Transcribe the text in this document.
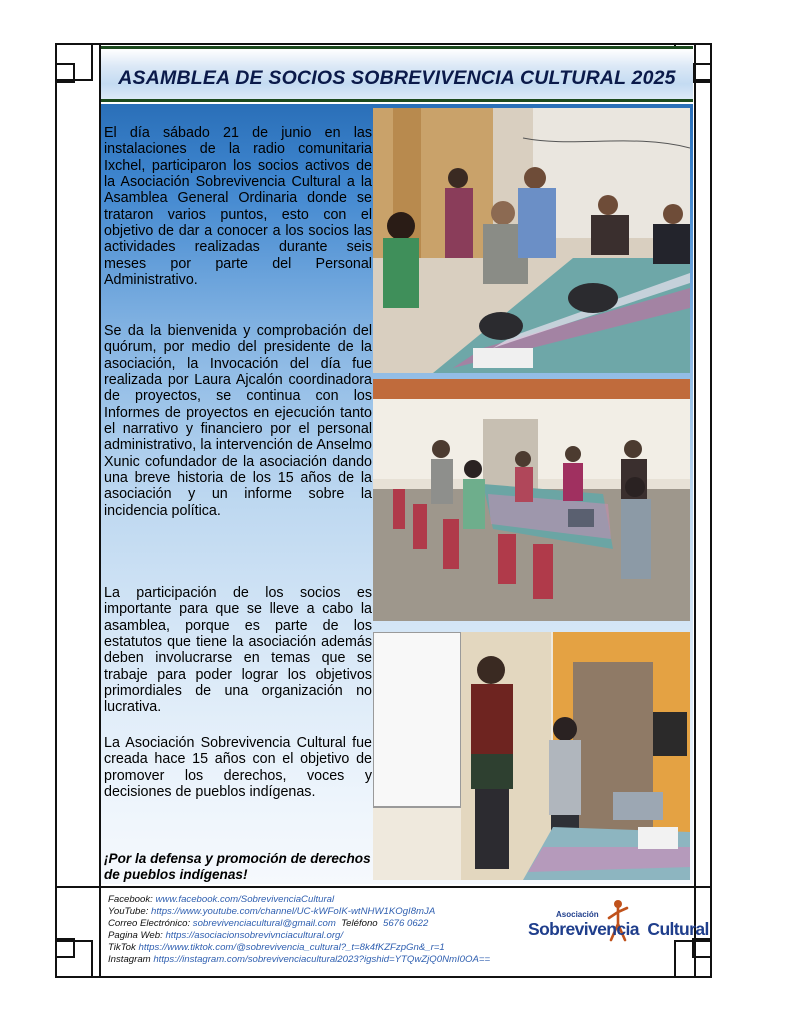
ASAMBLEA DE SOCIOS SOBREVIVENCIA CULTURAL 2025

El día sábado 21 de junio en las instalaciones de la radio comunitaria Ixchel, participaron los socios activos de la Asociación Sobrevivencia Cultural a la Asamblea General Ordinaria donde se trataron varios puntos, esto con el objetivo de dar a conocer a los socios las actividades realizadas durante seis meses por parte del Personal Administrativo.

Se da la bienvenida y comprobación del quórum, por medio del presidente de la asociación, la Invocación del día fue realizada por Laura Ajcalón coordinadora de proyectos, se continua con los Informes de proyectos en ejecución tanto el narrativo y financiero por el personal administrativo, la intervención de Anselmo Xunic cofundador de la asociación dando una breve historia de los 15 años de la asociación y un informe sobre la incidencia política.

La participación de los socios es importante para que se lleve a cabo la asamblea, porque es parte de los estatutos que tiene la asociación además deben involucrarse en temas que se trabaje para poder lograr los objetivos primordiales de una organización no lucrativa.

La Asociación Sobrevivencia Cultural fue creada hace 15 años con el objetivo de promover los derechos, voces y decisiones de pueblos indígenas.

¡Por la defensa y promoción de derechos de pueblos indígenas!

Facebook: www.facebook.com/SobrevivenciaCultural
YouTube: https://www.youtube.com/channel/UC-kWFoIK-wtNHW1KOgI8mJA
Correo Electrónico: sobrevivenciacultural@gmail.com Teléfono 5676 0622
Pagina Web: https://asociacionsobrevivnciacultural.org/
TikTok https://www.tiktok.com/@sobrevivencia_cultural?_t=8k4fKZFzpGn&_r=1
Instagram https://instagram.com/sobrevivenciacultural2023?igshid=YTQwZjQ0NmI0OA==
Asociación
Sobrevivencia Cultural
